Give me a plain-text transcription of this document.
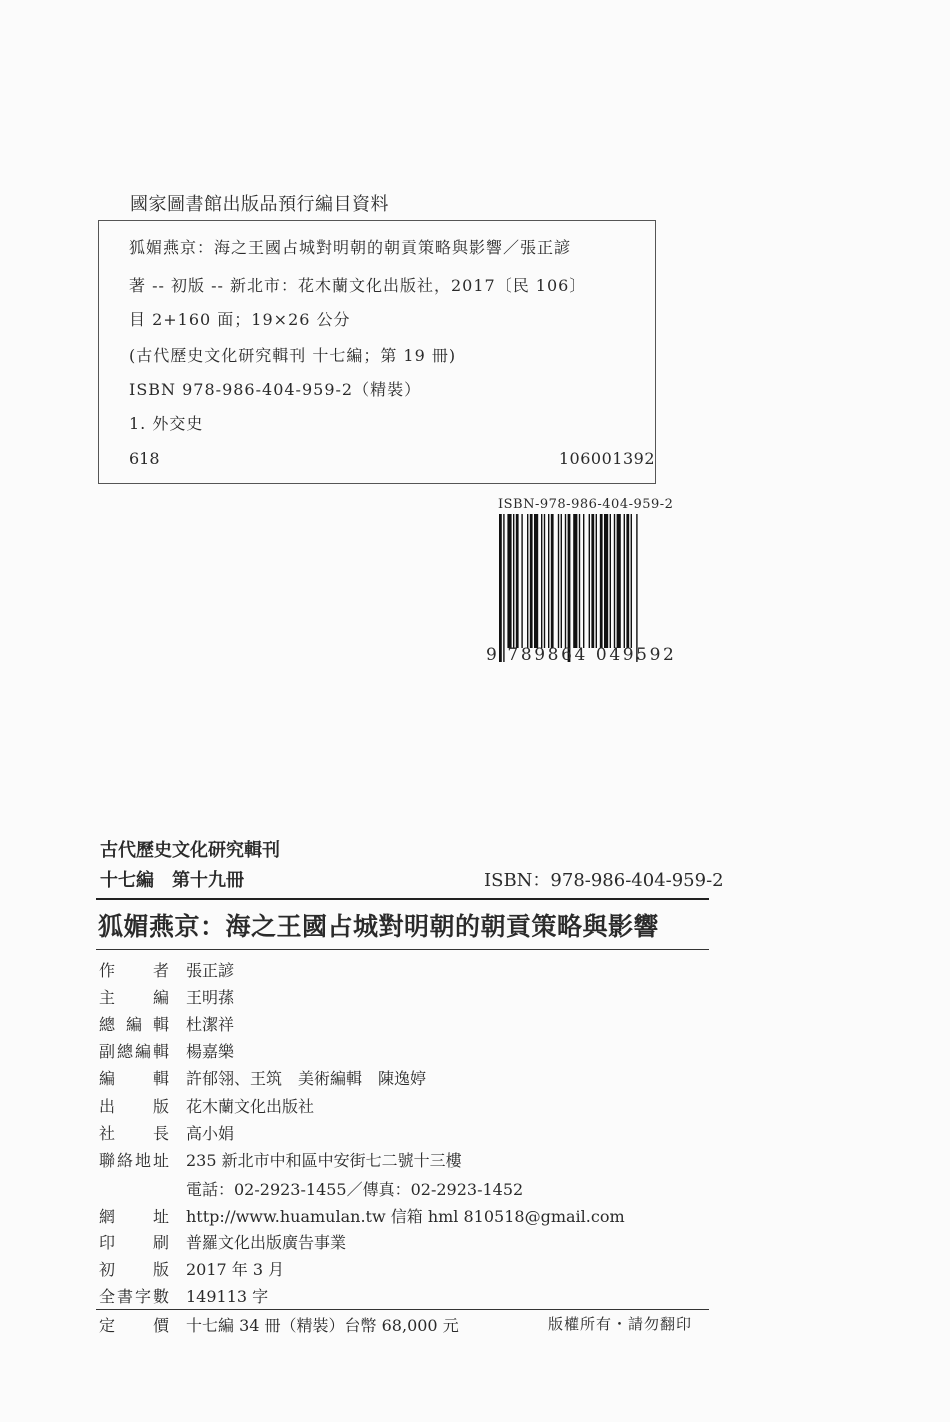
國家圖書館出版品預行編目資料
狐媚燕京：海之王國占城對明朝的朝貢策略與影響／張正諺
著 -- 初版 -- 新北市：花木蘭文化出版社，2017〔民 106〕
目 2+160 面；19×26 公分
(古代歷史文化研究輯刊 十七編；第 19 冊)
ISBN 978-986-404-959-2（精裝）
1. 外交史
618	106001392
ISBN-978-986-404-959-2
9 789864 049592
古代歷史文化研究輯刊
十七編　第十九冊	ISBN：978-986-404-959-2
狐媚燕京：海之王國占城對明朝的朝貢策略與影響
作 者 張正諺
主 編 王明蓀
總 編 輯 杜潔祥
副 總 編 輯 楊嘉樂
編 輯 許郁翎、王筑　美術編輯　陳逸婷
出 版 花木蘭文化出版社
社 長 高小娟
聯 絡 地 址 235 新北市中和區中安街七二號十三樓
電話：02-2923-1455／傳真：02-2923-1452
網 址 http://www.huamulan.tw 信箱 hml 810518@gmail.com
印 刷 普羅文化出版廣告事業
初 版 2017 年 3 月
全 書 字 數 149113 字
定 價 十七編 34 冊（精裝）台幣 68,000 元	版權所有・請勿翻印
